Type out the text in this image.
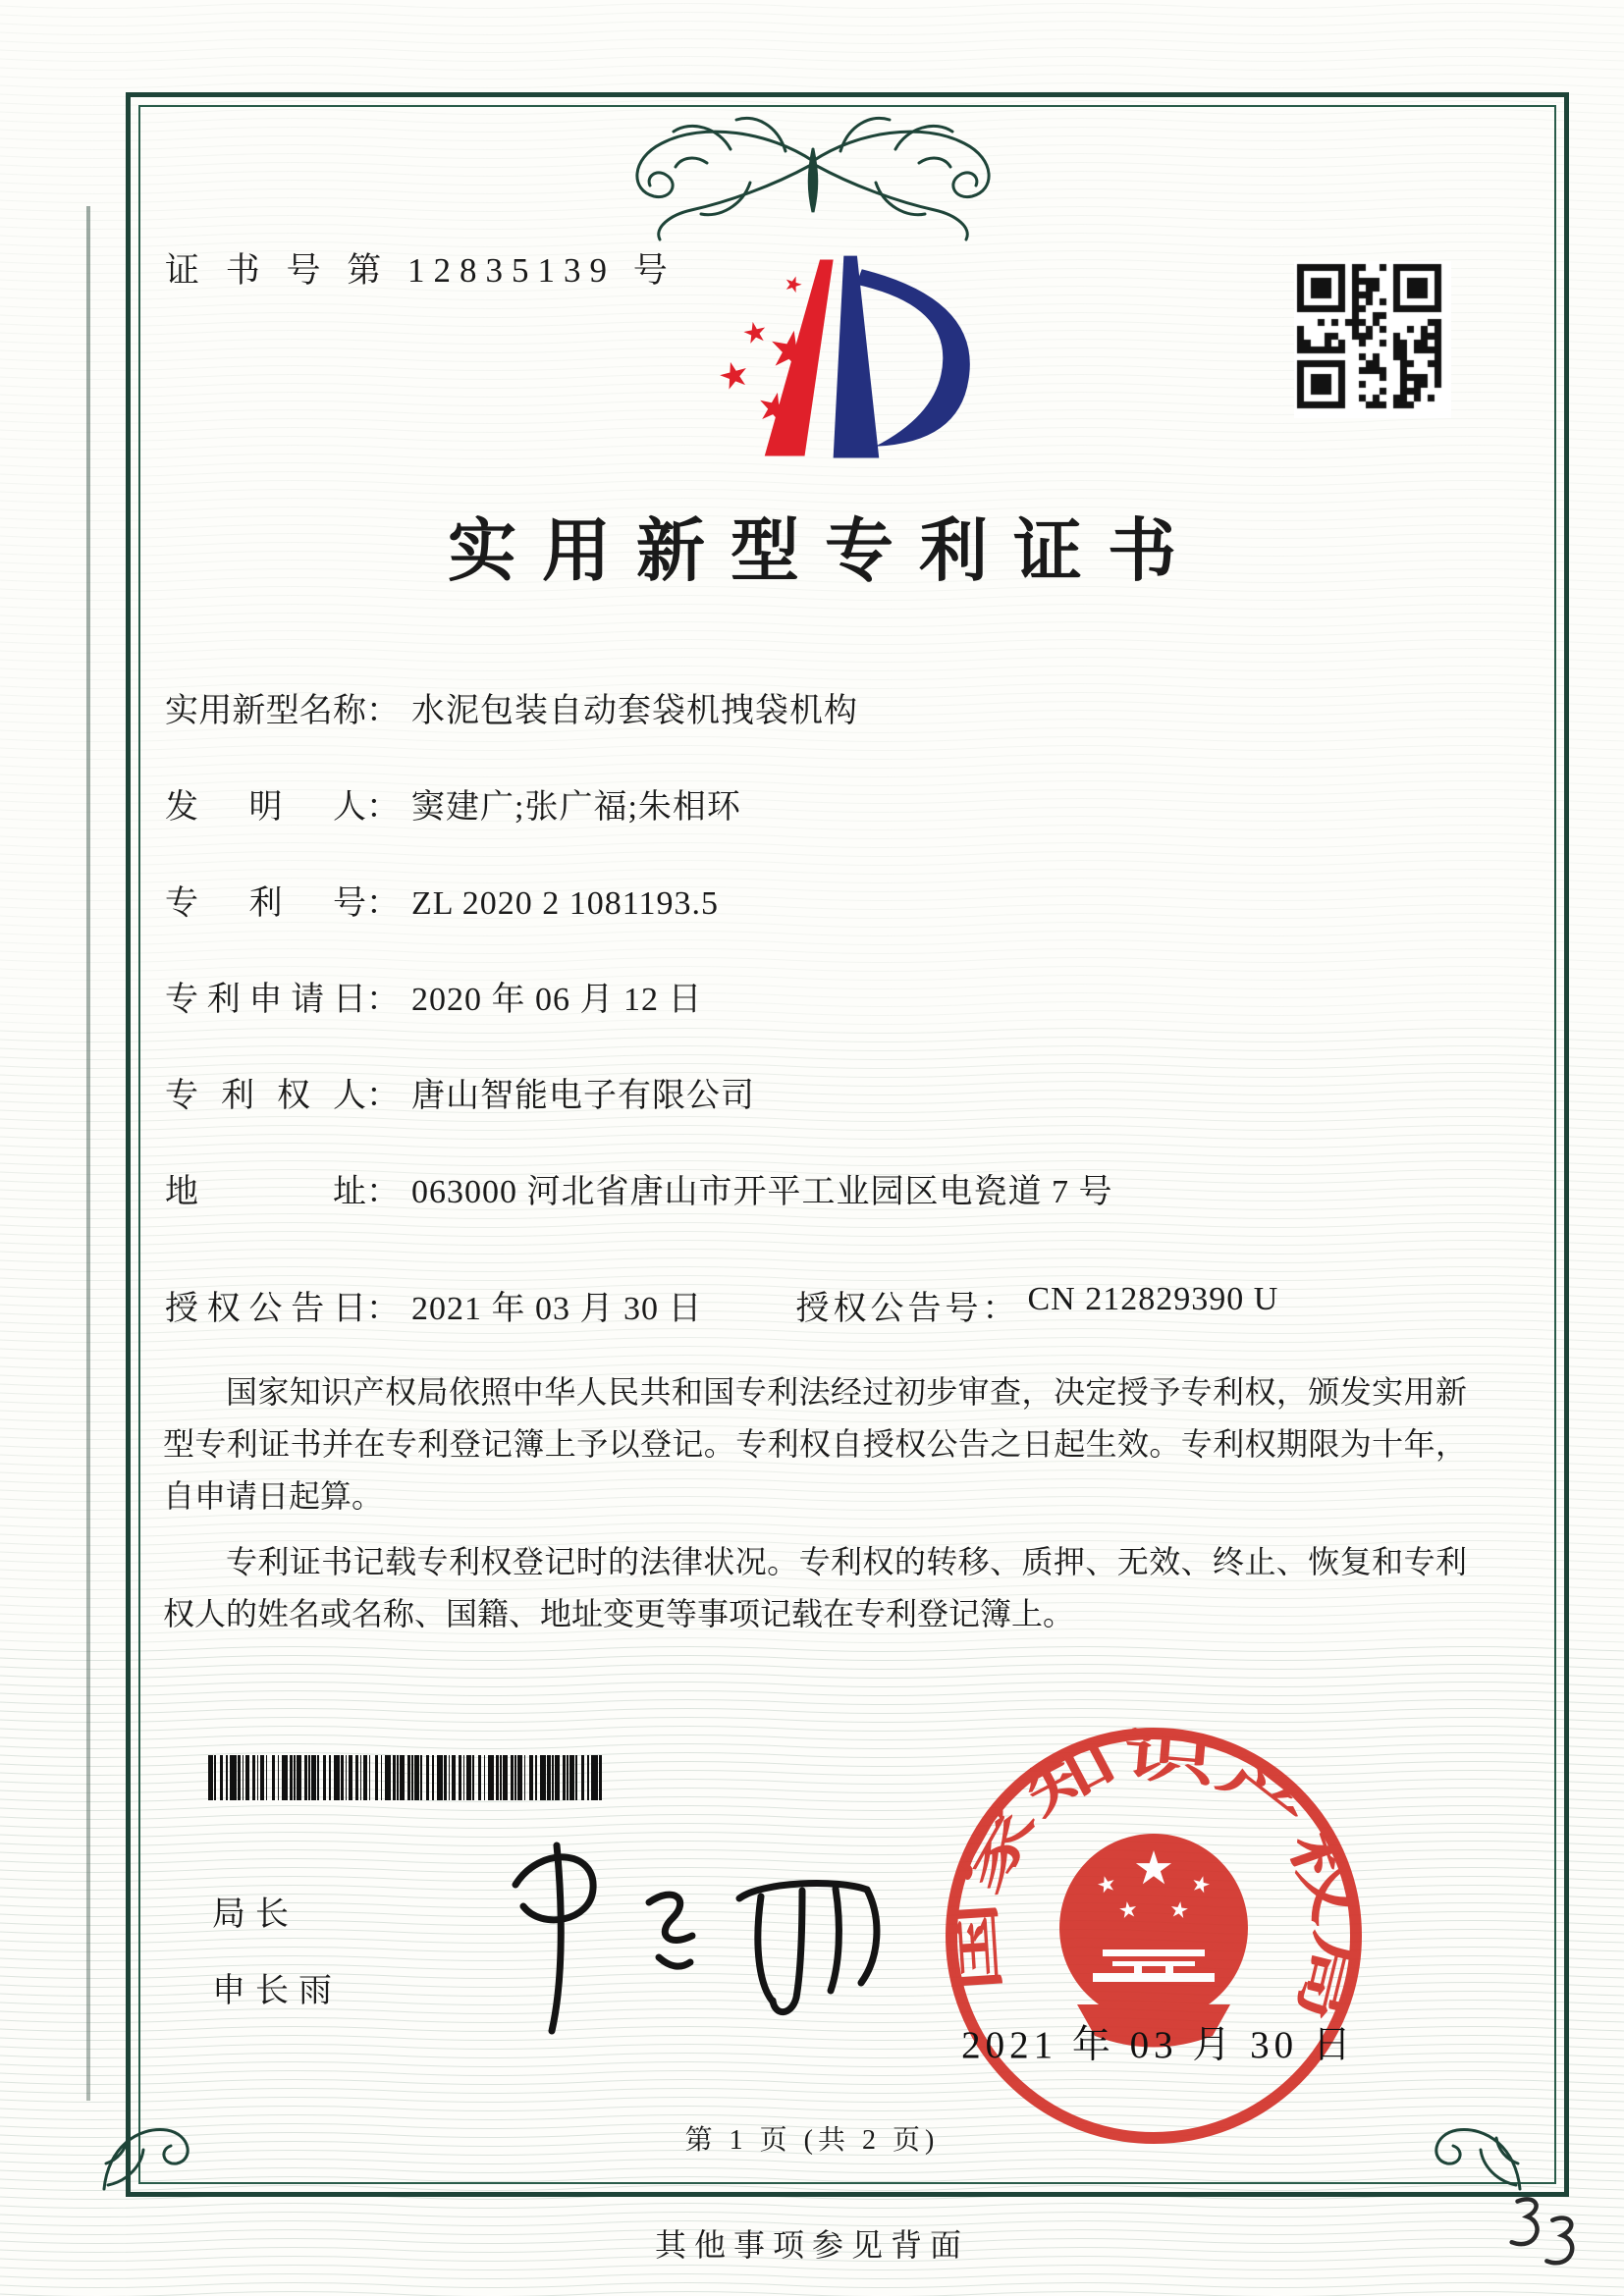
证 书 号 第 12835139 号
实用新型专利证书
实用新型名称 ： 水泥包装自动套袋机拽袋机构
发明人 ： 窦建广;张广福;朱相环
专利号 ： ZL 2020 2 1081193.5
专利申请日 ： 2020 年 06 月 12 日
专利权人 ： 唐山智能电子有限公司
地址 ： 063000 河北省唐山市开平工业园区电瓷道 7 号
授权公告日 ： 2021 年 03 月 30 日	授权公告号 ： CN 212829390 U

国家知识产权局依照中华人民共和国专利法经过初步审查，决定授予专利权，颁发实用新型专利证书并在专利登记簿上予以登记。专利权自授权公告之日起生效。专利权期限为十年，自申请日起算。

专利证书记载专利权登记时的法律状况。专利权的转移、质押、无效、终止、恢复和专利权人的姓名或名称、国籍、地址变更等事项记载在专利登记簿上。

局长
申长雨	国家知识产权局
2021 年 03 月 30 日
第 1 页 (共 2 页)
其他事项参见背面
